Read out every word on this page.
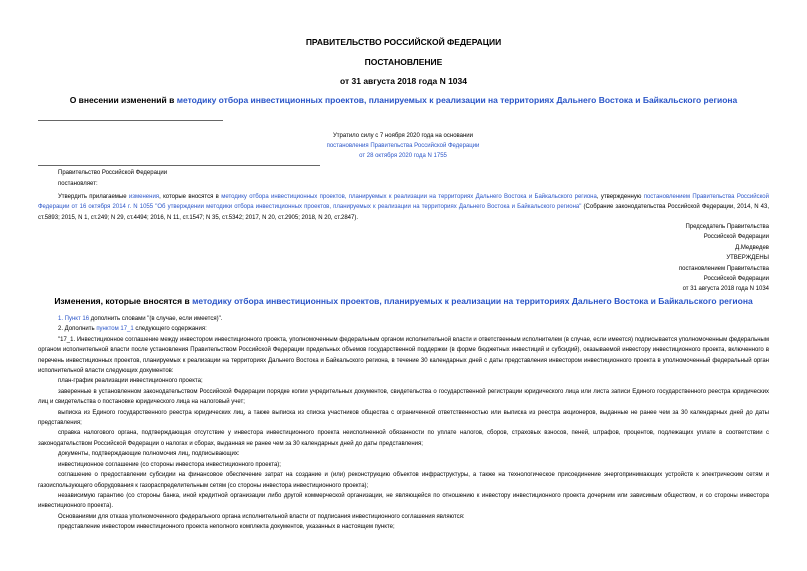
ПРАВИТЕЛЬСТВО РОССИЙСКОЙ ФЕДЕРАЦИИ
ПОСТАНОВЛЕНИЕ
от 31 августа 2018 года N 1034
О внесении изменений в методику отбора инвестиционных проектов, планируемых к реализации на территориях Дальнего Востока и Байкальского региона
Утратило силу с 7 ноября 2020 года на основании
постановления Правительства Российской Федерации
от 28 октября 2020 года N 1755
Правительство Российской Федерации
постановляет:
Утвердить прилагаемые изменения, которые вносятся в методику отбора инвестиционных проектов, планируемых к реализации на территориях Дальнего Востока и Байкальского региона, утвержденную постановлением Правительства Российской Федерации от 16 октября 2014 г. N 1055 "Об утверждении методики отбора инвестиционных проектов, планируемых к реализации на территориях Дальнего Востока и Байкальского региона" (Собрание законодательства Российской Федерации, 2014, N 43, ст.5893; 2015, N 1, ст.249; N 29, ст.4494; 2016, N 11, ст.1547; N 35, ст.5342; 2017, N 20, ст.2905; 2018, N 20, ст.2847).
Председатель Правительства
Российской Федерации
Д.Медведев
УТВЕРЖДЕНЫ
постановлением Правительства
Российской Федерации
от 31 августа 2018 года N 1034
Изменения, которые вносятся в методику отбора инвестиционных проектов, планируемых к реализации на территориях Дальнего Востока и Байкальского региона
1. Пункт 16 дополнить словами "(в случае, если имеется)".
2. Дополнить пунктом 17_1 следующего содержания:
"17_1. Инвестиционное соглашение между инвестором инвестиционного проекта, уполномоченным федеральным органом исполнительной власти и ответственным исполнителем (в случае, если имеется) подписывается уполномоченным федеральным органом исполнительной власти после установления Правительством Российской Федерации предельных объемов государственной поддержки (в форме бюджетных инвестиций и субсидий), оказываемой инвестору инвестиционного проекта, включенного в перечень инвестиционных проектов, планируемых к реализации на территориях Дальнего Востока и Байкальского региона, в течение 30 календарных дней с даты представления инвестором инвестиционного проекта в уполномоченный федеральный орган исполнительной власти следующих документов:
план-график реализации инвестиционного проекта;
заверенные в установленном законодательством Российской Федерации порядке копии учредительных документов, свидетельства о государственной регистрации юридического лица или листа записи Единого государственного реестра юридических лиц и свидетельства о постановке юридического лица на налоговый учет;
выписка из Единого государственного реестра юридических лиц, а также выписка из списка участников общества с ограниченной ответственностью или выписка из реестра акционеров, выданные не ранее чем за 30 календарных дней до даты представления;
справка налогового органа, подтверждающая отсутствие у инвестора инвестиционного проекта неисполненной обязанности по уплате налогов, сборов, страховых взносов, пеней, штрафов, процентов, подлежащих уплате в соответствии с законодательством Российской Федерации о налогах и сборах, выданная не ранее чем за 30 календарных дней до даты представления;
документы, подтверждающие полномочия лиц, подписывающих:
инвестиционное соглашение (со стороны инвестора инвестиционного проекта);
соглашение о предоставлении субсидии на финансовое обеспечение затрат на создание и (или) реконструкцию объектов инфраструктуры, а также на технологическое присоединение энергопринимающих устройств к электрическим сетям и газоиспользующего оборудования к газораспределительным сетям (со стороны инвестора инвестиционного проекта);
независимую гарантию (со стороны банка, иной кредитной организации либо другой коммерческой организации, не являющейся по отношению к инвестору инвестиционного проекта дочерним или зависимым обществом, и со стороны инвестора инвестиционного проекта).
Основаниями для отказа уполномоченного федерального органа исполнительной власти от подписания инвестиционного соглашения являются:
представление инвестором инвестиционного проекта неполного комплекта документов, указанных в настоящем пункте;
